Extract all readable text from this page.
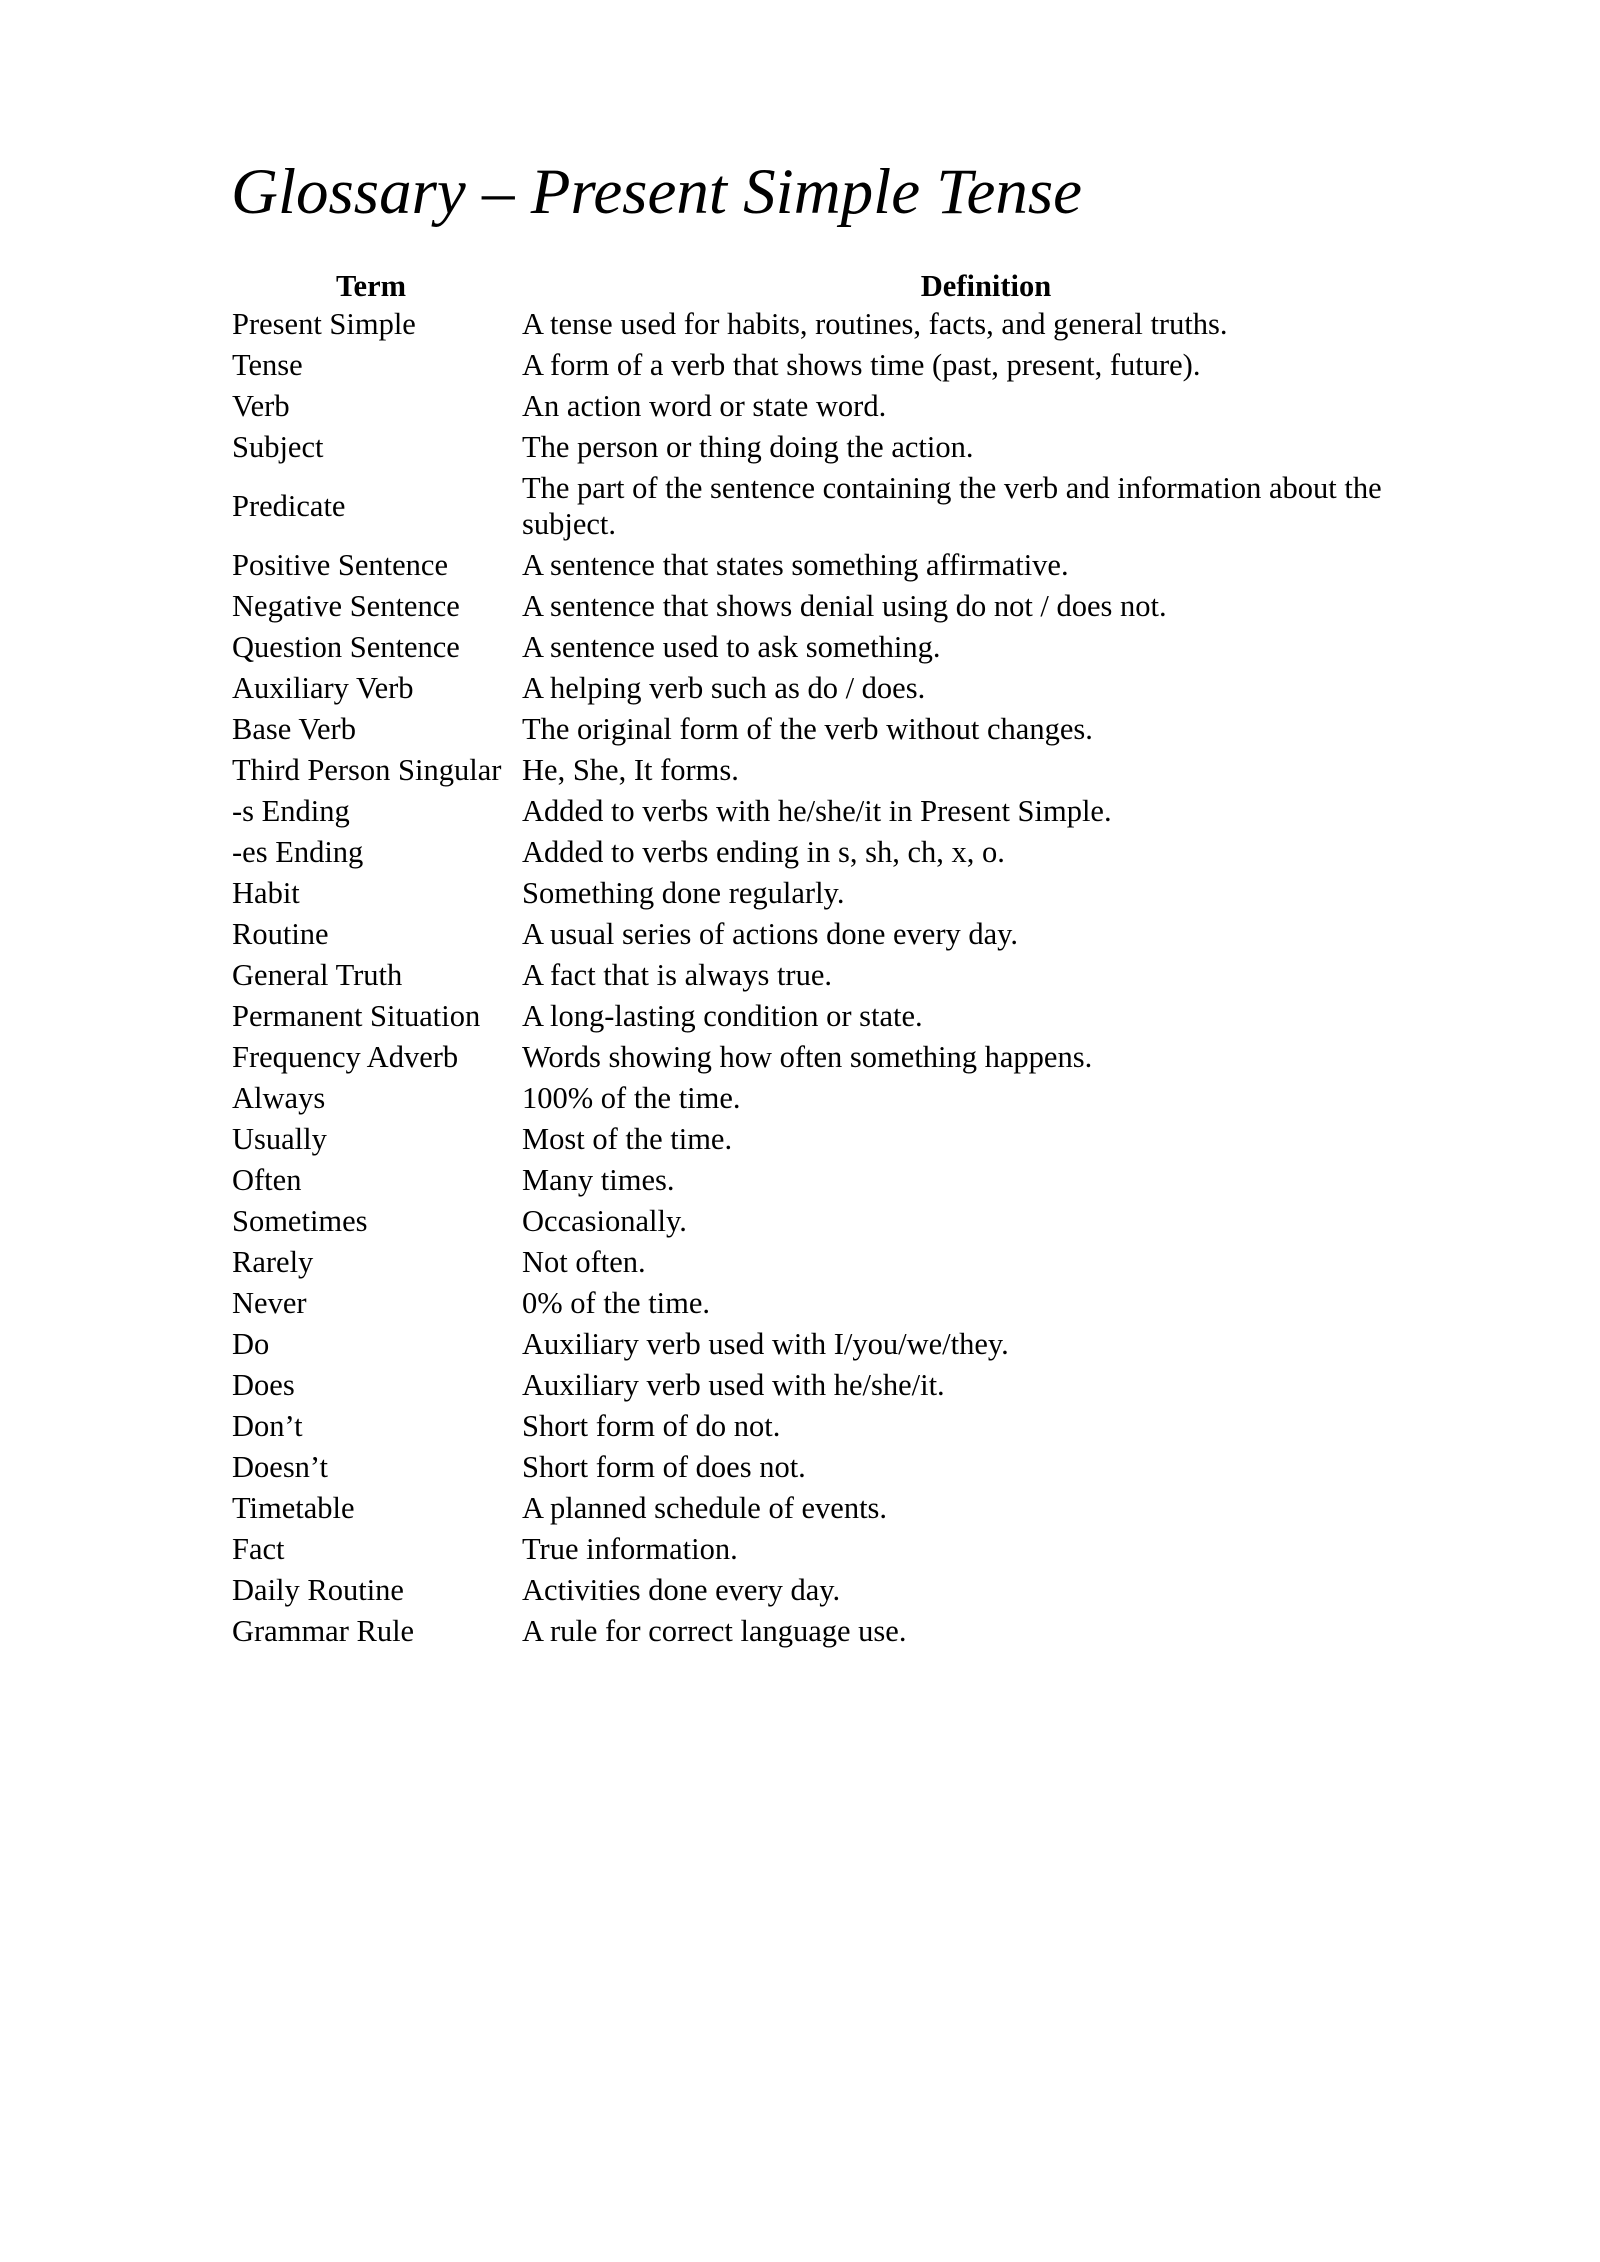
Glossary – Present Simple Tense
Term	Definition
Present Simple	A tense used for habits, routines, facts, and general truths.
Tense	A form of a verb that shows time (past, present, future).
Verb	An action word or state word.
Subject	The person or thing doing the action.
Predicate	The part of the sentence containing the verb and information about the subject.
Positive Sentence	A sentence that states something affirmative.
Negative Sentence	A sentence that shows denial using do not / does not.
Question Sentence	A sentence used to ask something.
Auxiliary Verb	A helping verb such as do / does.
Base Verb	The original form of the verb without changes.
Third Person Singular	He, She, It forms.
-s Ending	Added to verbs with he/she/it in Present Simple.
-es Ending	Added to verbs ending in s, sh, ch, x, o.
Habit	Something done regularly.
Routine	A usual series of actions done every day.
General Truth	A fact that is always true.
Permanent Situation	A long-lasting condition or state.
Frequency Adverb	Words showing how often something happens.
Always	100% of the time.
Usually	Most of the time.
Often	Many times.
Sometimes	Occasionally.
Rarely	Not often.
Never	0% of the time.
Do	Auxiliary verb used with I/you/we/they.
Does	Auxiliary verb used with he/she/it.
Don’t	Short form of do not.
Doesn’t	Short form of does not.
Timetable	A planned schedule of events.
Fact	True information.
Daily Routine	Activities done every day.
Grammar Rule	A rule for correct language use.
